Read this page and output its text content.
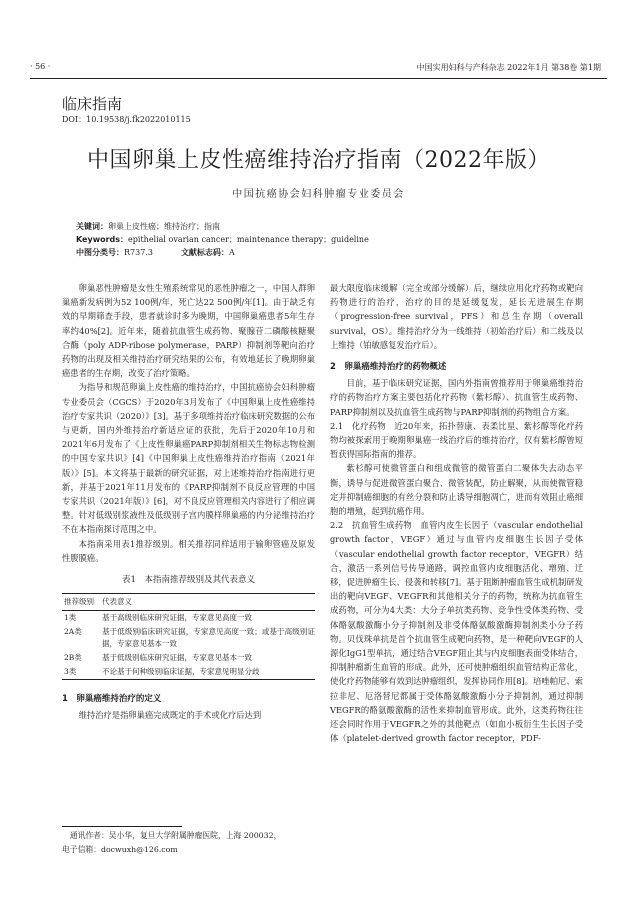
· 56 ·	中国实用妇科与产科杂志 2022年1月 第38卷 第1期
临床指南
DOI：10.19538/j.fk2022010115
中国卵巢上皮性癌维持治疗指南（2022年版）
中国抗癌协会妇科肿瘤专业委员会
关键词：卵巢上皮性癌；维持治疗；指南
Keywords：epithelial ovarian cancer；maintenance therapy；guideline
中图分类号：R737.3	文献标志码：A

卵巢恶性肿瘤是女性生殖系统常见的恶性肿瘤之一，中国人群卵巢癌新发病例为52 100例/年，死亡达22 500例/年[1]。由于缺乏有效的早期筛查手段，患者就诊时多为晚期，中国卵巢癌患者5年生存率约40%[2]。近年来，随着抗血管生成药物、聚腺苷二磷酸核糖聚合酶（poly ADP-ribose polymerase，PARP）抑制剂等靶向治疗药物的出现及相关维持治疗研究结果的公布，有效地延长了晚期卵巢癌患者的生存期，改变了治疗策略。

为指导和规范卵巢上皮性癌的维持治疗，中国抗癌协会妇科肿瘤专业委员会（CGCS）于2020年3月发布了《中国卵巢上皮性癌维持治疗专家共识（2020）》[3]。基于多项维持治疗临床研究数据的公布与更新，国内外维持治疗新适应证的获批，先后于2020年10月和2021年6月发布了《上皮性卵巢癌PARP抑制剂相关生物标志物检测的中国专家共识》[4]《中国卵巢上皮性癌维持治疗指南（2021年版）》[5]。本文将基于最新的研究证据，对上述维持治疗指南进行更新，并基于2021年11月发布的《PARP抑制剂不良反应管理的中国专家共识（2021年版）》[6]，对不良反应管理相关内容进行了相应调整。针对低级别浆液性及低级别子宫内膜样卵巢癌的内分泌维持治疗不在本指南探讨范围之中。

本指南采用表1推荐级别。相关推荐同样适用于输卵管癌及原发性腹膜癌。

表1　本指南推荐级别及其代表意义
推荐级别	代表意义
1类	基于高级别临床研究证据，专家意见高度一致
2A类	基于低级别临床研究证据，专家意见高度一致；或基于高级别证据，专家意见基本一致
2B类	基于低级别临床研究证据，专家意见基本一致
3类	不论基于何种级别临床证据，专家意见明显分歧
1　卵巢癌维持治疗的定义

维持治疗是指卵巢癌完成既定的手术或化疗后达到

最大限度临床缓解（完全或部分缓解）后，继续应用化疗药物或靶向药物进行的治疗，治疗的目的是延缓复发，延长无进展生存期（progression-free survival，PFS）和总生存期（overall survival，OS）。维持治疗分为一线维持（初始治疗后）和二线及以上维持（铂敏感复发治疗后）。

2　卵巢癌维持治疗的药物概述

目前，基于临床研究证据，国内外指南曾推荐用于卵巢癌维持治疗的药物治疗方案主要包括化疗药物（紫杉醇）、抗血管生成药物、PARP抑制剂以及抗血管生成药物与PARP抑制剂的药物组合方案。

2.1　化疗药物　近20年来，拓扑替康、表柔比星、紫杉醇等化疗药物均被探索用于晚期卵巢癌一线治疗后的维持治疗，仅有紫杉醇曾短暂获得国际指南的推荐。

紫杉醇可使微管蛋白和组成微管的微管蛋白二聚体失去动态平衡，诱导与促进微管蛋白聚合、微管装配，防止解聚，从而使微管稳定并抑制癌细胞的有丝分裂和防止诱导细胞凋亡，进而有效阻止癌细胞的增殖，起到抗癌作用。

2.2　抗血管生成药物　血管内皮生长因子（vascular endothelial growth factor，VEGF）通过与血管内皮细胞生长因子受体（vascular endothelial growth factor receptor，VEGFR）结合，激活一系列信号传导通路，调控血管内皮细胞活化、增殖、迁移，促进肿瘤生长、侵袭和转移[7]。基于阻断肿瘤血管生成机制研发出的靶向VEGF、VEGFR和其他相关分子的药物，统称为抗血管生成药物，可分为4大类：大分子单抗类药物、竞争性受体类药物、受体酪氨酸激酶小分子抑制剂及非受体酪氨酸激酶抑制剂类小分子药物。贝伐珠单抗是首个抗血管生成靶向药物，是一种靶向VEGF的人源化IgG1型单抗，通过结合VEGF阻止其与内皮细胞表面受体结合，抑制肿瘤新生血管的形成。此外，还可使肿瘤组织血管结构正常化，使化疗药物能够有效到达肿瘤组织，发挥协同作用[8]。培唑帕尼、索拉非尼、厄洛替尼都属于受体酪氨酸激酶小分子抑制剂，通过抑制VEGFR的酪氨酸激酶的活性来抑制血管形成。此外，这类药物往往还会同时作用于VEGFR之外的其他靶点（如血小板衍生生长因子受体（platelet-derived growth factor receptor，PDF-

通讯作者：吴小华，复旦大学附属肿瘤医院，上海 200032，
电子信箱：docwuxh@126.com
